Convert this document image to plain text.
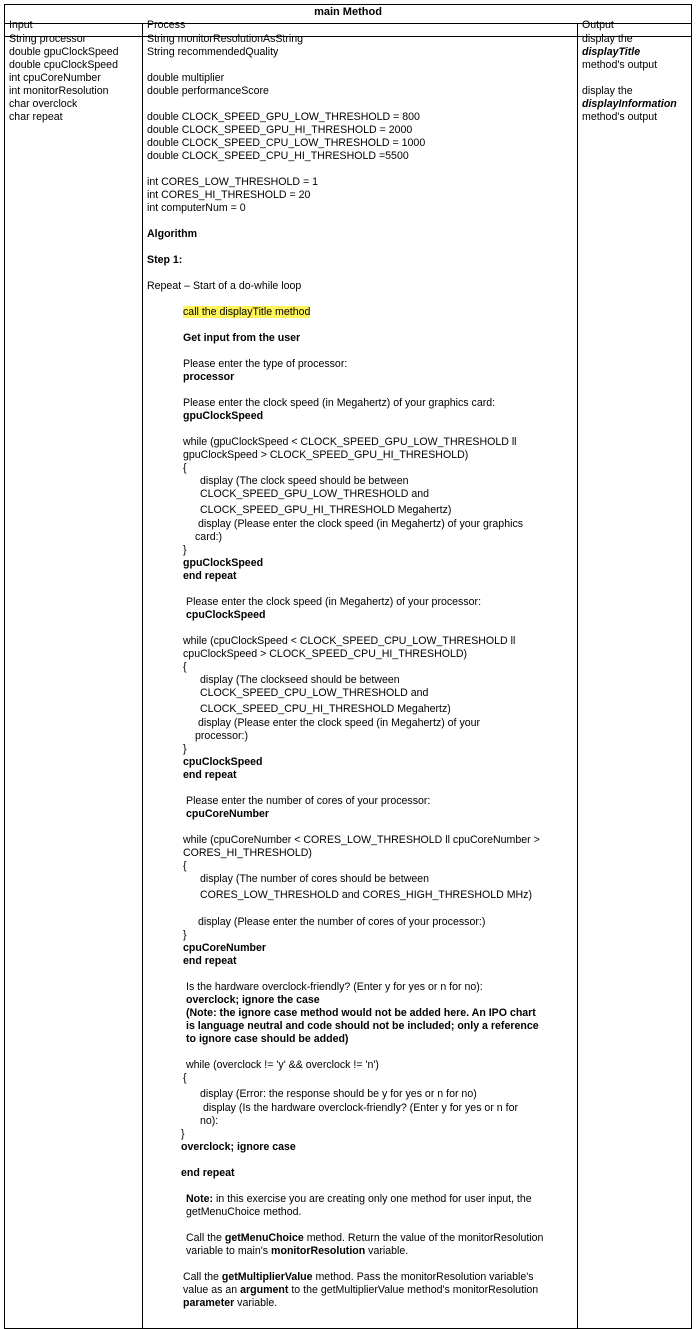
main Method
Input	Process	Output
String processor
double gpuClockSpeed
double cpuClockSpeed
int cpuCoreNumber
int monitorResolution
char overclock
char repeat
display the
displayTitle
method's output
display the
displayInformation
method's output
String monitorResolutionAsString
String recommendedQuality
double multiplier
double performanceScore
double CLOCK_SPEED_GPU_LOW_THRESHOLD = 800
double CLOCK_SPEED_GPU_HI_THRESHOLD = 2000
double CLOCK_SPEED_CPU_LOW_THRESHOLD = 1000
double CLOCK_SPEED_CPU_HI_THRESHOLD =5500
int CORES_LOW_THRESHOLD = 1
int CORES_HI_THRESHOLD = 20
int computerNum = 0
Algorithm
Step 1:
Repeat – Start of a do-while loop
call the displayTitle method
Get input from the user
Please enter the type of processor:
processor
Please enter the clock speed (in Megahertz) of your graphics card:
gpuClockSpeed
while (gpuClockSpeed < CLOCK_SPEED_GPU_LOW_THRESHOLD ll
gpuClockSpeed > CLOCK_SPEED_GPU_HI_THRESHOLD)
{
display (The clock speed should be between
CLOCK_SPEED_GPU_LOW_THRESHOLD and
CLOCK_SPEED_GPU_HI_THRESHOLD Megahertz)
display (Please enter the clock speed (in Megahertz) of your graphics
card:)
}
gpuClockSpeed
end repeat
Please enter the clock speed (in Megahertz) of your processor:
cpuClockSpeed
while (cpuClockSpeed < CLOCK_SPEED_CPU_LOW_THRESHOLD ll
cpuClockSpeed > CLOCK_SPEED_CPU_HI_THRESHOLD)
{
display (The clockseed should be between
CLOCK_SPEED_CPU_LOW_THRESHOLD and
CLOCK_SPEED_CPU_HI_THRESHOLD Megahertz)
display (Please enter the clock speed (in Megahertz) of your
processor:)
}
cpuClockSpeed
end repeat
Please enter the number of cores of your processor:
cpuCoreNumber
while (cpuCoreNumber < CORES_LOW_THRESHOLD ll cpuCoreNumber >
CORES_HI_THRESHOLD)
{
display (The number of cores should be between
CORES_LOW_THRESHOLD and CORES_HIGH_THRESHOLD MHz)
display (Please enter the number of cores of your processor:)
}
cpuCoreNumber
end repeat
Is the hardware overclock-friendly? (Enter y for yes or n for no):
overclock; ignore the case
(Note: the ignore case method would not be added here. An IPO chart
is language neutral and code should not be included; only a reference
to ignore case should be added)
while (overclock != 'y' && overclock != 'n')
{
display (Error: the response should be y for yes or n for no)
display (Is the hardware overclock-friendly? (Enter y for yes or n for
no):
}
overclock; ignore case
end repeat
Note: in this exercise you are creating only one method for user input, the
getMenuChoice method.
Call the getMenuChoice method. Return the value of the monitorResolution
variable to main's monitorResolution variable.
Call the getMultiplierValue method. Pass the monitorResolution variable's
value as an argument to the getMultiplierValue method's monitorResolution
parameter variable.
